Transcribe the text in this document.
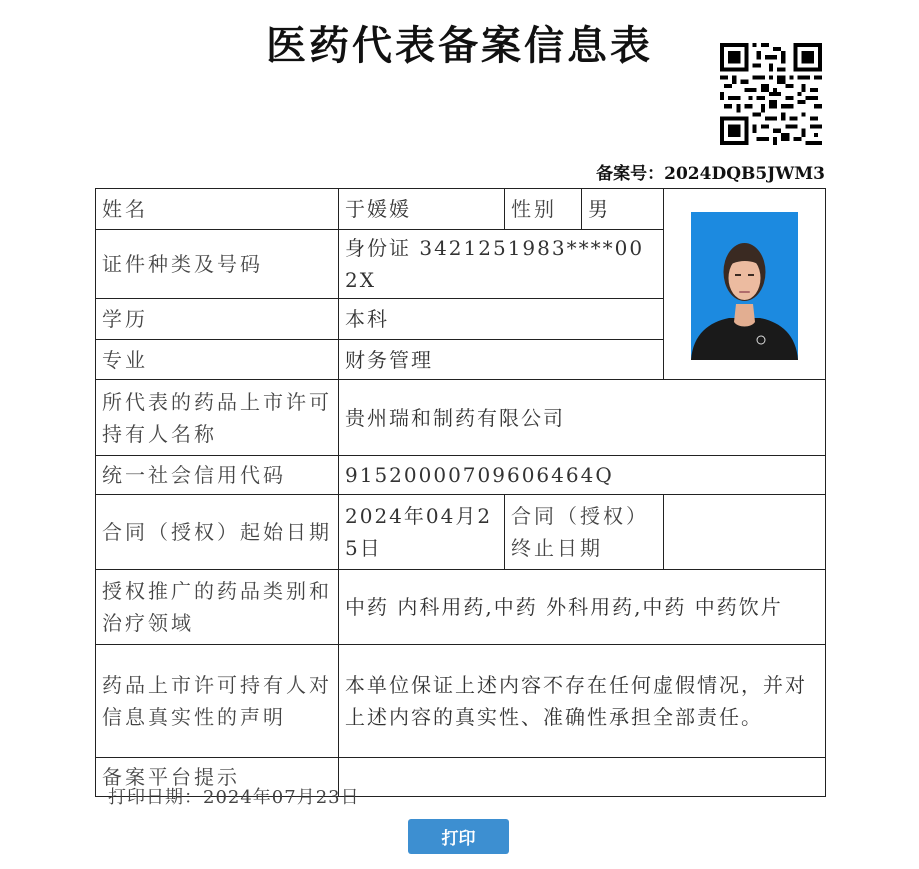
医药代表备案信息表
备案号：2024DQB5JWM3
姓名	于媛媛	性别	男	

证件种类及号码	身份证 3421251983****002X			
学历	本科			
专业	财务管理			
所代表的药品上市许可持有人名称	贵州瑞和制药有限公司			
统一社会信用代码	91520000709606464Q			
合同（授权）起始日期	2024年04月25日	合同（授权）终止日期		
授权推广的药品类别和治疗领域	中药 内科用药,中药 外科用药,中药 中药饮片			
药品上市许可持有人对信息真实性的声明	本单位保证上述内容不存在任何虚假情况，并对上述内容的真实性、准确性承担全部责任。			
备案平台提示				
打印日期：2024年07月23日
打印
